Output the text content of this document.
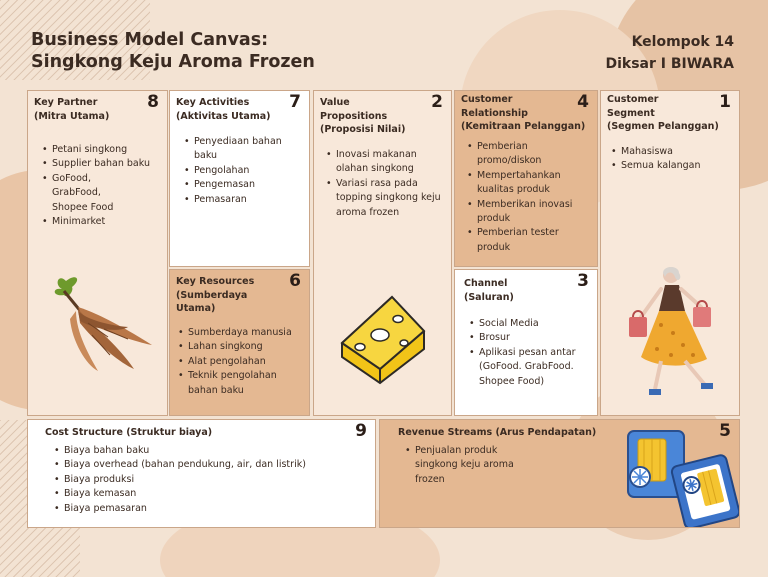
Business Model Canvas:
Singkong Keju Aroma Frozen
Kelompok 14
Diksar I BIWARA
Key Partner
(Mitra Utama)
8
• Petani singkong
• Supplier bahan baku
• GoFood, GrabFood, Shopee Food
• Minimarket
Key Activities
(Aktivitas Utama)
7
• Penyediaan bahan baku
• Pengolahan
• Pengemasan
• Pemasaran
Key Resources
(Sumberdaya
Utama)
6
• Sumberdaya manusia
• Lahan singkong
• Alat pengolahan
• Teknik pengolahan bahan baku
Value
Propositions
(Proposisi Nilai)
2
• Inovasi makanan olahan singkong
• Variasi rasa pada topping singkong keju aroma frozen
Customer
Relationship
(Kemitraan Pelanggan)
4
• Pemberian promo/diskon
• Mempertahankan kualitas produk
• Memberikan inovasi produk
• Pemberian tester produk
Channel
(Saluran)
3
• Social Media
• Brosur
• Aplikasi pesan antar (GoFood. GrabFood. Shopee Food)
Customer
Segment
(Segmen Pelanggan)
1
• Mahasiswa
• Semua kalangan
Cost Structure (Struktur biaya)	9
• Biaya bahan baku
• Biaya overhead (bahan pendukung, air, dan listrik)
• Biaya produksi
• Biaya kemasan
• Biaya pemasaran
Revenue Streams (Arus Pendapatan)	5
• Penjualan produk singkong keju aroma frozen
